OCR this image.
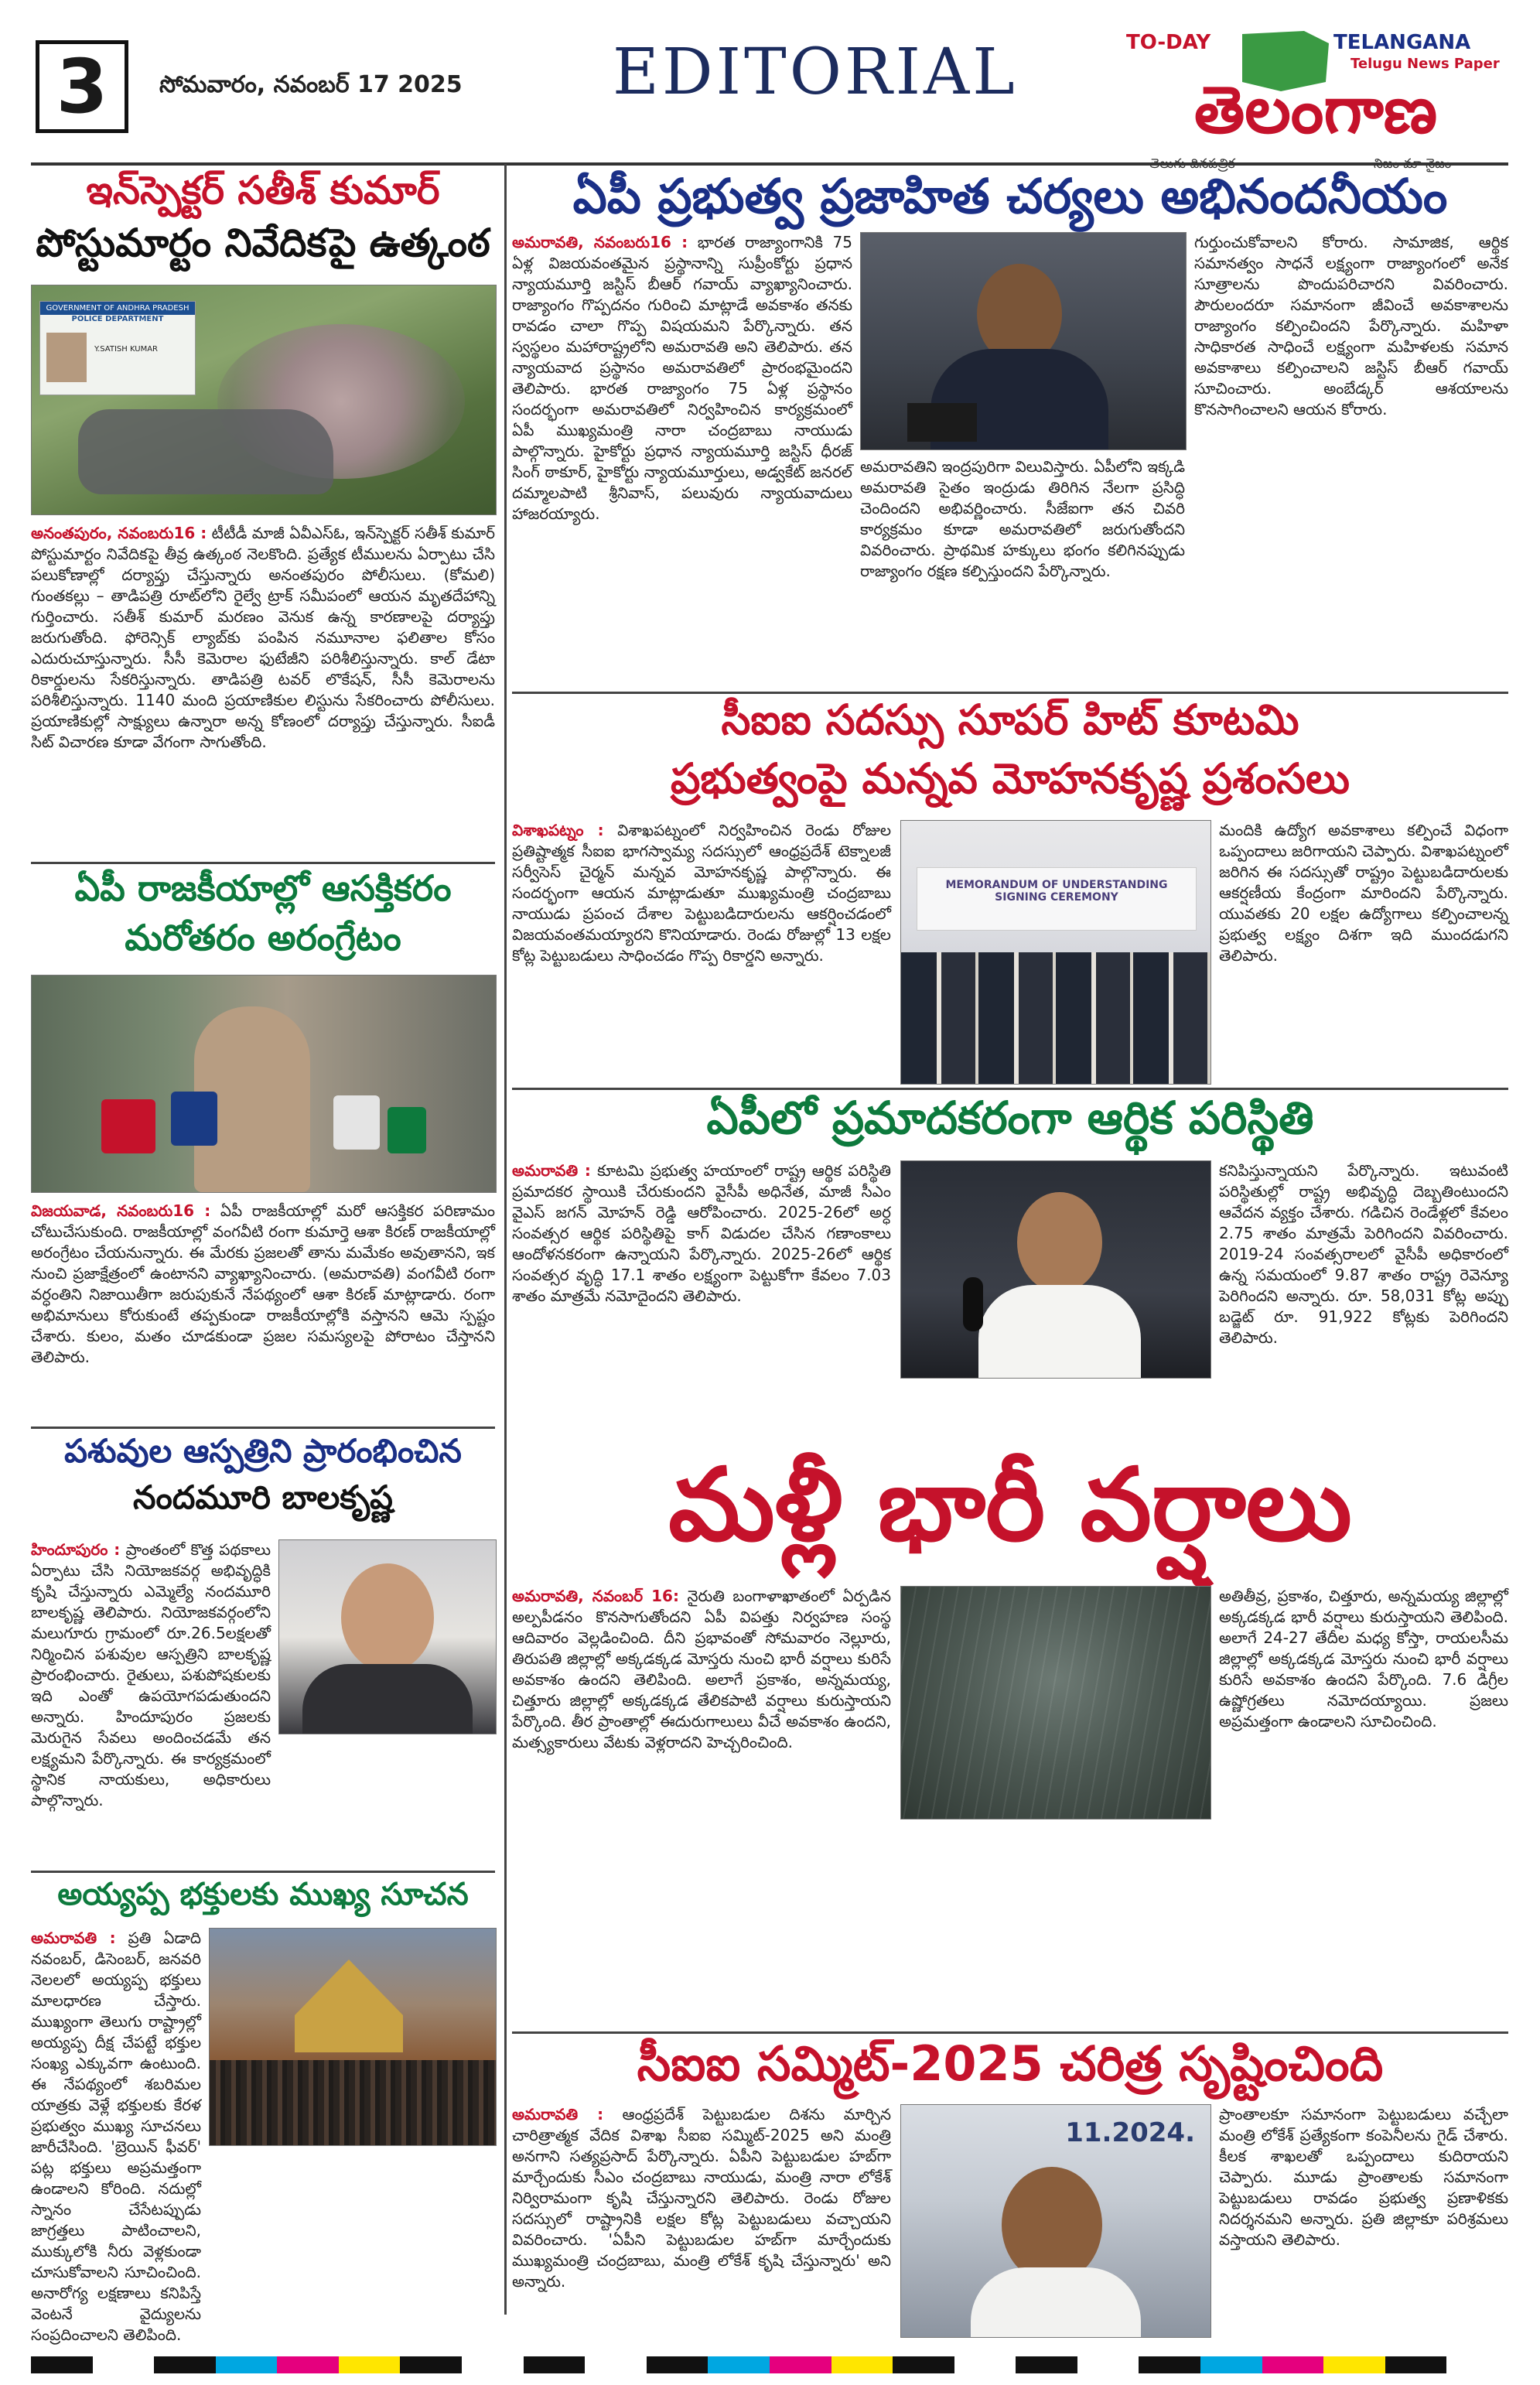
3	సోమవారం, నవంబర్ 17 2025 EDITORIAL	TO-DAY	TELANGANA
Telugu News Paper
తెలంగాణ
ఇన్‌స్పెక్టర్ సతీశ్ కుమార్
పోస్టుమార్టం నివేదికపై ఉత్కంఠ
GOVERNMENT OF ANDHRA PRADESH
POLICE DEPARTMENT
Y.SATISH KUMAR
అనంతపురం, నవంబరు16 : టీటీడీ మాజీ ఏవీఎస్‌ఓ, ఇన్‌స్పెక్టర్ సతీశ్ కుమార్ పోస్టుమార్టం నివేదికపై తీవ్ర ఉత్కంఠ నెలకొంది. ప్రత్యేక టీములను ఏర్పాటు చేసి పలుకోణాల్లో దర్యాప్తు చేస్తున్నారు అనంతపురం పోలీసులు. (కోమలి) గుంతకల్లు – తాడిపత్రి రూట్‌లోని రైల్వే ట్రాక్ సమీపంలో ఆయన మృతదేహాన్ని గుర్తించారు. సతీశ్ కుమార్ మరణం వెనుక ఉన్న కారణాలపై దర్యాప్తు జరుగుతోంది. ఫోరెన్సిక్ ల్యాబ్‌కు పంపిన నమూనాల ఫలితాల కోసం ఎదురుచూస్తున్నారు. సీసీ కెమెరాల ఫుటేజీని పరిశీలిస్తున్నారు. కాల్ డేటా రికార్డులను సేకరిస్తున్నారు. తాడిపత్రి టవర్ లొకేషన్, సీసీ కెమెరాలను పరిశీలిస్తున్నారు. 1140 మంది ప్రయాణికుల లిస్టును సేకరించారు పోలీసులు. ప్రయాణికుల్లో సాక్ష్యులు ఉన్నారా అన్న కోణంలో దర్యాప్తు చేస్తున్నారు. సీఐడీ సిట్ విచారణ కూడా వేగంగా సాగుతోంది.
ఏపీ రాజకీయాల్లో ఆసక్తికరం
మరోతరం అరంగ్రేటం
విజయవాడ, నవంబరు16 : ఏపీ రాజకీయాల్లో మరో ఆసక్తికర పరిణామం చోటుచేసుకుంది. రాజకీయాల్లో వంగవీటి రంగా కుమార్తె ఆశా కిరణ్ రాజకీయాల్లో అరంగ్రేటం చేయనున్నారు. ఈ మేరకు ప్రజలతో తాను మమేకం అవుతానని, ఇక నుంచి ప్రజాక్షేత్రంలో ఉంటానని వ్యాఖ్యానించారు. (అమరావతి) వంగవీటి రంగా వర్ధంతిని నిజాయితీగా జరుపుకునే నేపథ్యంలో ఆశా కిరణ్ మాట్లాడారు. రంగా అభిమానులు కోరుకుంటే తప్పకుండా రాజకీయాల్లోకి వస్తానని ఆమె స్పష్టం చేశారు. కులం, మతం చూడకుండా ప్రజల సమస్యలపై పోరాటం చేస్తానని తెలిపారు.
పశువుల ఆస్పత్రిని ప్రారంభించిన
నందమూరి బాలకృష్ణ
హిందూపురం : ప్రాంతంలో కొత్త పథకాలు ఏర్పాటు చేసి నియోజకవర్గ అభివృద్ధికి కృషి చేస్తున్నారు ఎమ్మెల్యే నందమూరి బాలకృష్ణ తెలిపారు. నియోజకవర్గంలోని మలుగూరు గ్రామంలో రూ.26.5లక్షలతో నిర్మించిన పశువుల ఆస్పత్రిని బాలకృష్ణ ప్రారంభించారు. రైతులు, పశుపోషకులకు ఇది ఎంతో ఉపయోగపడుతుందని అన్నారు. హిందూపురం ప్రజలకు మెరుగైన సేవలు అందించడమే తన లక్ష్యమని పేర్కొన్నారు. ఈ కార్యక్రమంలో స్థానిక నాయకులు, అధికారులు పాల్గొన్నారు.
అయ్యప్ప భక్తులకు ముఖ్య సూచన
అమరావతి : ప్రతి ఏడాది నవంబర్, డిసెంబర్, జనవరి నెలలలో అయ్యప్ప భక్తులు మాలధారణ చేస్తారు. ముఖ్యంగా తెలుగు రాష్ట్రాల్లో అయ్యప్ప దీక్ష చేపట్టే భక్తుల సంఖ్య ఎక్కువగా ఉంటుంది. ఈ నేపథ్యంలో శబరిమల యాత్రకు వెళ్లే భక్తులకు కేరళ ప్రభుత్వం ముఖ్య సూచనలు జారీచేసింది. 'బ్రెయిన్ ఫీవర్' పట్ల భక్తులు అప్రమత్తంగా ఉండాలని కోరింది. నదుల్లో స్నానం చేసేటప్పుడు జాగ్రత్తలు పాటించాలని, ముక్కులోకి నీరు వెళ్లకుండా చూసుకోవాలని సూచించింది. అనారోగ్య లక్షణాలు కనిపిస్తే వెంటనే వైద్యులను సంప్రదించాలని తెలిపింది.
ఏపీ ప్రభుత్వ ప్రజాహిత చర్యలు అభినందనీయం
అమరావతి, నవంబరు16 : భారత రాజ్యాంగానికి 75 ఏళ్ల విజయవంతమైన ప్రస్థానాన్ని సుప్రీంకోర్టు ప్రధాన న్యాయమూర్తి జస్టిస్ బీఆర్ గవాయ్ వ్యాఖ్యానించారు. రాజ్యాంగం గొప్పదనం గురించి మాట్లాడే అవకాశం తనకు రావడం చాలా గొప్ప విషయమని పేర్కొన్నారు. తన స్వస్థలం మహారాష్ట్రలోని అమరావతి అని తెలిపారు. తన న్యాయవాద ప్రస్థానం అమరావతిలో ప్రారంభమైందని తెలిపారు. భారత రాజ్యాంగం 75 ఏళ్ల ప్రస్థానం సందర్భంగా అమరావతిలో నిర్వహించిన కార్యక్రమంలో ఏపీ ముఖ్యమంత్రి నారా చంద్రబాబు నాయుడు పాల్గొన్నారు. హైకోర్టు ప్రధాన న్యాయమూర్తి జస్టిస్ ధీరజ్ సింగ్ ఠాకూర్, హైకోర్టు న్యాయమూర్తులు, అడ్వకేట్ జనరల్ దమ్మాలపాటి శ్రీనివాస్, పలువురు న్యాయవాదులు హాజరయ్యారు.
అమరావతిని ఇంద్రపురిగా విలువిస్తారు. ఏపీలోని ఇక్కడి అమరావతి సైతం ఇంద్రుడు తిరిగిన నేలగా ప్రసిద్ధి చెందిందని అభివర్ణించారు. సీజేఐగా తన చివరి కార్యక్రమం కూడా అమరావతిలో జరుగుతోందని వివరించారు. ప్రాథమిక హక్కులు భంగం కలిగినప్పుడు రాజ్యాంగం రక్షణ కల్పిస్తుందని పేర్కొన్నారు.
గుర్తుంచుకోవాలని కోరారు. సామాజిక, ఆర్థిక సమానత్వం సాధనే లక్ష్యంగా రాజ్యాంగంలో అనేక సూత్రాలను పొందుపరిచారని వివరించారు. పౌరులందరూ సమానంగా జీవించే అవకాశాలను రాజ్యాంగం కల్పించిందని పేర్కొన్నారు. మహిళా సాధికారత సాధించే లక్ష్యంగా మహిళలకు సమాన అవకాశాలు కల్పించాలని జస్టిస్ బీఆర్ గవాయ్ సూచించారు. అంబేడ్కర్ ఆశయాలను కొనసాగించాలని ఆయన కోరారు.
సీఐఐ సదస్సు సూపర్ హిట్ కూటమి
ప్రభుత్వంపై మన్నవ మోహనకృష్ణ ప్రశంసలు
విశాఖపట్నం : విశాఖపట్నంలో నిర్వహించిన రెండు రోజుల ప్రతిష్టాత్మక సీఐఐ భాగస్వామ్య సదస్సులో ఆంధ్రప్రదేశ్ టెక్నాలజీ సర్వీసెస్ చైర్మన్ మన్నవ మోహనకృష్ణ పాల్గొన్నారు. ఈ సందర్భంగా ఆయన మాట్లాడుతూ ముఖ్యమంత్రి చంద్రబాబు నాయుడు ప్రపంచ దేశాల పెట్టుబడిదారులను ఆకర్షించడంలో విజయవంతమయ్యారని కొనియాడారు. రెండు రోజుల్లో 13 లక్షల కోట్ల పెట్టుబడులు సాధించడం గొప్ప రికార్డని అన్నారు.
MEMORANDUM OF UNDERSTANDING
SIGNING CEREMONY
మందికి ఉద్యోగ అవకాశాలు కల్పించే విధంగా ఒప్పందాలు జరిగాయని చెప్పారు. విశాఖపట్నంలో జరిగిన ఈ సదస్సుతో రాష్ట్రం పెట్టుబడిదారులకు ఆకర్షణీయ కేంద్రంగా మారిందని పేర్కొన్నారు. యువతకు 20 లక్షల ఉద్యోగాలు కల్పించాలన్న ప్రభుత్వ లక్ష్యం దిశగా ఇది ముందడుగని తెలిపారు.
ఏపీలో ప్రమాదకరంగా ఆర్థిక పరిస్థితి
అమరావతి : కూటమి ప్రభుత్వ హయాంలో రాష్ట్ర ఆర్థిక పరిస్థితి ప్రమాదకర స్థాయికి చేరుకుందని వైసీపీ అధినేత, మాజీ సీఎం వైఎస్ జగన్ మోహన్ రెడ్డి ఆరోపించారు. 2025-26లో అర్ధ సంవత్సర ఆర్థిక పరిస్థితిపై కాగ్ విడుదల చేసిన గణాంకాలు ఆందోళనకరంగా ఉన్నాయని పేర్కొన్నారు. 2025-26లో ఆర్థిక సంవత్సర వృద్ధి 17.1 శాతం లక్ష్యంగా పెట్టుకోగా కేవలం 7.03 శాతం మాత్రమే నమోదైందని తెలిపారు.
కనిపిస్తున్నాయని పేర్కొన్నారు. ఇటువంటి పరిస్థితుల్లో రాష్ట్ర అభివృద్ధి దెబ్బతింటుందని ఆవేదన వ్యక్తం చేశారు. గడిచిన రెండేళ్లలో కేవలం 2.75 శాతం మాత్రమే పెరిగిందని వివరించారు. 2019-24 సంవత్సరాలలో వైసీపీ అధికారంలో ఉన్న సమయంలో 9.87 శాతం రాష్ట్ర రెవెన్యూ పెరిగిందని అన్నారు. రూ. 58,031 కోట్ల అప్పు బడ్జెట్ రూ. 91,922 కోట్లకు పెరిగిందని తెలిపారు.
మళ్లీ భారీ వర్షాలు
అమరావతి, నవంబర్ 16: నైరుతి బంగాళాఖాతంలో ఏర్పడిన అల్పపీడనం కొనసాగుతోందని ఏపీ విపత్తు నిర్వహణ సంస్థ ఆదివారం వెల్లడించింది. దీని ప్రభావంతో సోమవారం నెల్లూరు, తిరుపతి జిల్లాల్లో అక్కడక్కడ మోస్తరు నుంచి భారీ వర్షాలు కురిసే అవకాశం ఉందని తెలిపింది. అలాగే ప్రకాశం, అన్నమయ్య, చిత్తూరు జిల్లాల్లో అక్కడక్కడ తేలికపాటి వర్షాలు కురుస్తాయని పేర్కొంది. తీర ప్రాంతాల్లో ఈదురుగాలులు వీచే అవకాశం ఉందని, మత్స్యకారులు వేటకు వెళ్లరాదని హెచ్చరించింది.
అతితీవ్ర, ప్రకాశం, చిత్తూరు, అన్నమయ్య జిల్లాల్లో అక్కడక్కడ భారీ వర్షాలు కురుస్తాయని తెలిపింది. అలాగే 24-27 తేదీల మధ్య కోస్తా, రాయలసీమ జిల్లాల్లో అక్కడక్కడ మోస్తరు నుంచి భారీ వర్షాలు కురిసే అవకాశం ఉందని పేర్కొంది. 7.6 డిగ్రీల ఉష్ణోగ్రతలు నమోదయ్యాయి. ప్రజలు అప్రమత్తంగా ఉండాలని సూచించింది.
సీఐఐ సమ్మిట్-2025 చరిత్ర సృష్టించింది
అమరావతి : ఆంధ్రప్రదేశ్ పెట్టుబడుల దిశను మార్చిన చారిత్రాత్మక వేదిక విశాఖ సీఐఐ సమ్మిట్-2025 అని మంత్రి అనగాని సత్యప్రసాద్ పేర్కొన్నారు. ఏపీని పెట్టుబడుల హబ్‌గా మార్చేందుకు సీఎం చంద్రబాబు నాయుడు, మంత్రి నారా లోకేశ్ నిర్విరామంగా కృషి చేస్తున్నారని తెలిపారు. రెండు రోజుల సదస్సులో రాష్ట్రానికి లక్షల కోట్ల పెట్టుబడులు వచ్చాయని వివరించారు. 'ఏపీని పెట్టుబడుల హబ్‌గా మార్చేందుకు ముఖ్యమంత్రి చంద్రబాబు, మంత్రి లోకేశ్ కృషి చేస్తున్నారు' అని అన్నారు.
11.2024.
ప్రాంతాలకూ సమానంగా పెట్టుబడులు వచ్చేలా మంత్రి లోకేశ్ ప్రత్యేకంగా కంపెనీలను గైడ్ చేశారు. కీలక శాఖలతో ఒప్పందాలు కుదిరాయని చెప్పారు. మూడు ప్రాంతాలకు సమానంగా పెట్టుబడులు రావడం ప్రభుత్వ ప్రణాళికకు నిదర్శనమని అన్నారు. ప్రతి జిల్లాకూ పరిశ్రమలు వస్తాయని తెలిపారు.
